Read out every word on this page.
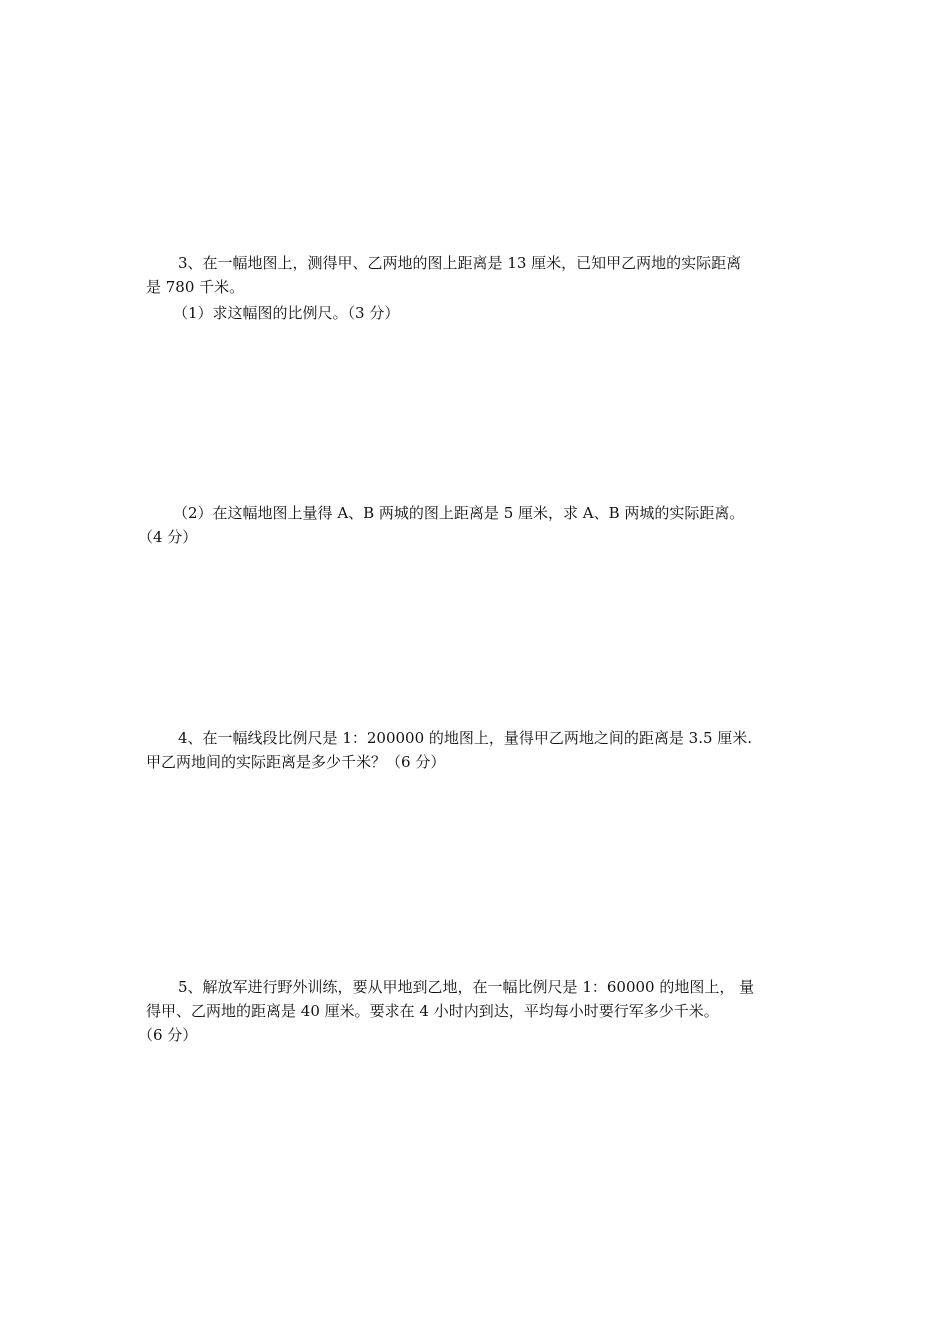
3、在一幅地图上，测得甲、乙两地的图上距离是 13 厘米，已知甲乙两地的实际距离
是 780 千米。
（1）求这幅图的比例尺。（3 分）
（2）在这幅地图上量得 A、B 两城的图上距离是 5 厘米，求 A、B 两城的实际距离。
（4 分）
4、在一幅线段比例尺是 1：200000 的地图上，量得甲乙两地之间的距离是 3.5 厘米.
甲乙两地间的实际距离是多少千米？（6 分）
5、解放军进行野外训练，要从甲地到乙地，在一幅比例尺是 1：60000 的地图上， 量
得甲、乙两地的距离是 40 厘米。要求在 4 小时内到达，平均每小时要行军多少千米。
（6 分）
